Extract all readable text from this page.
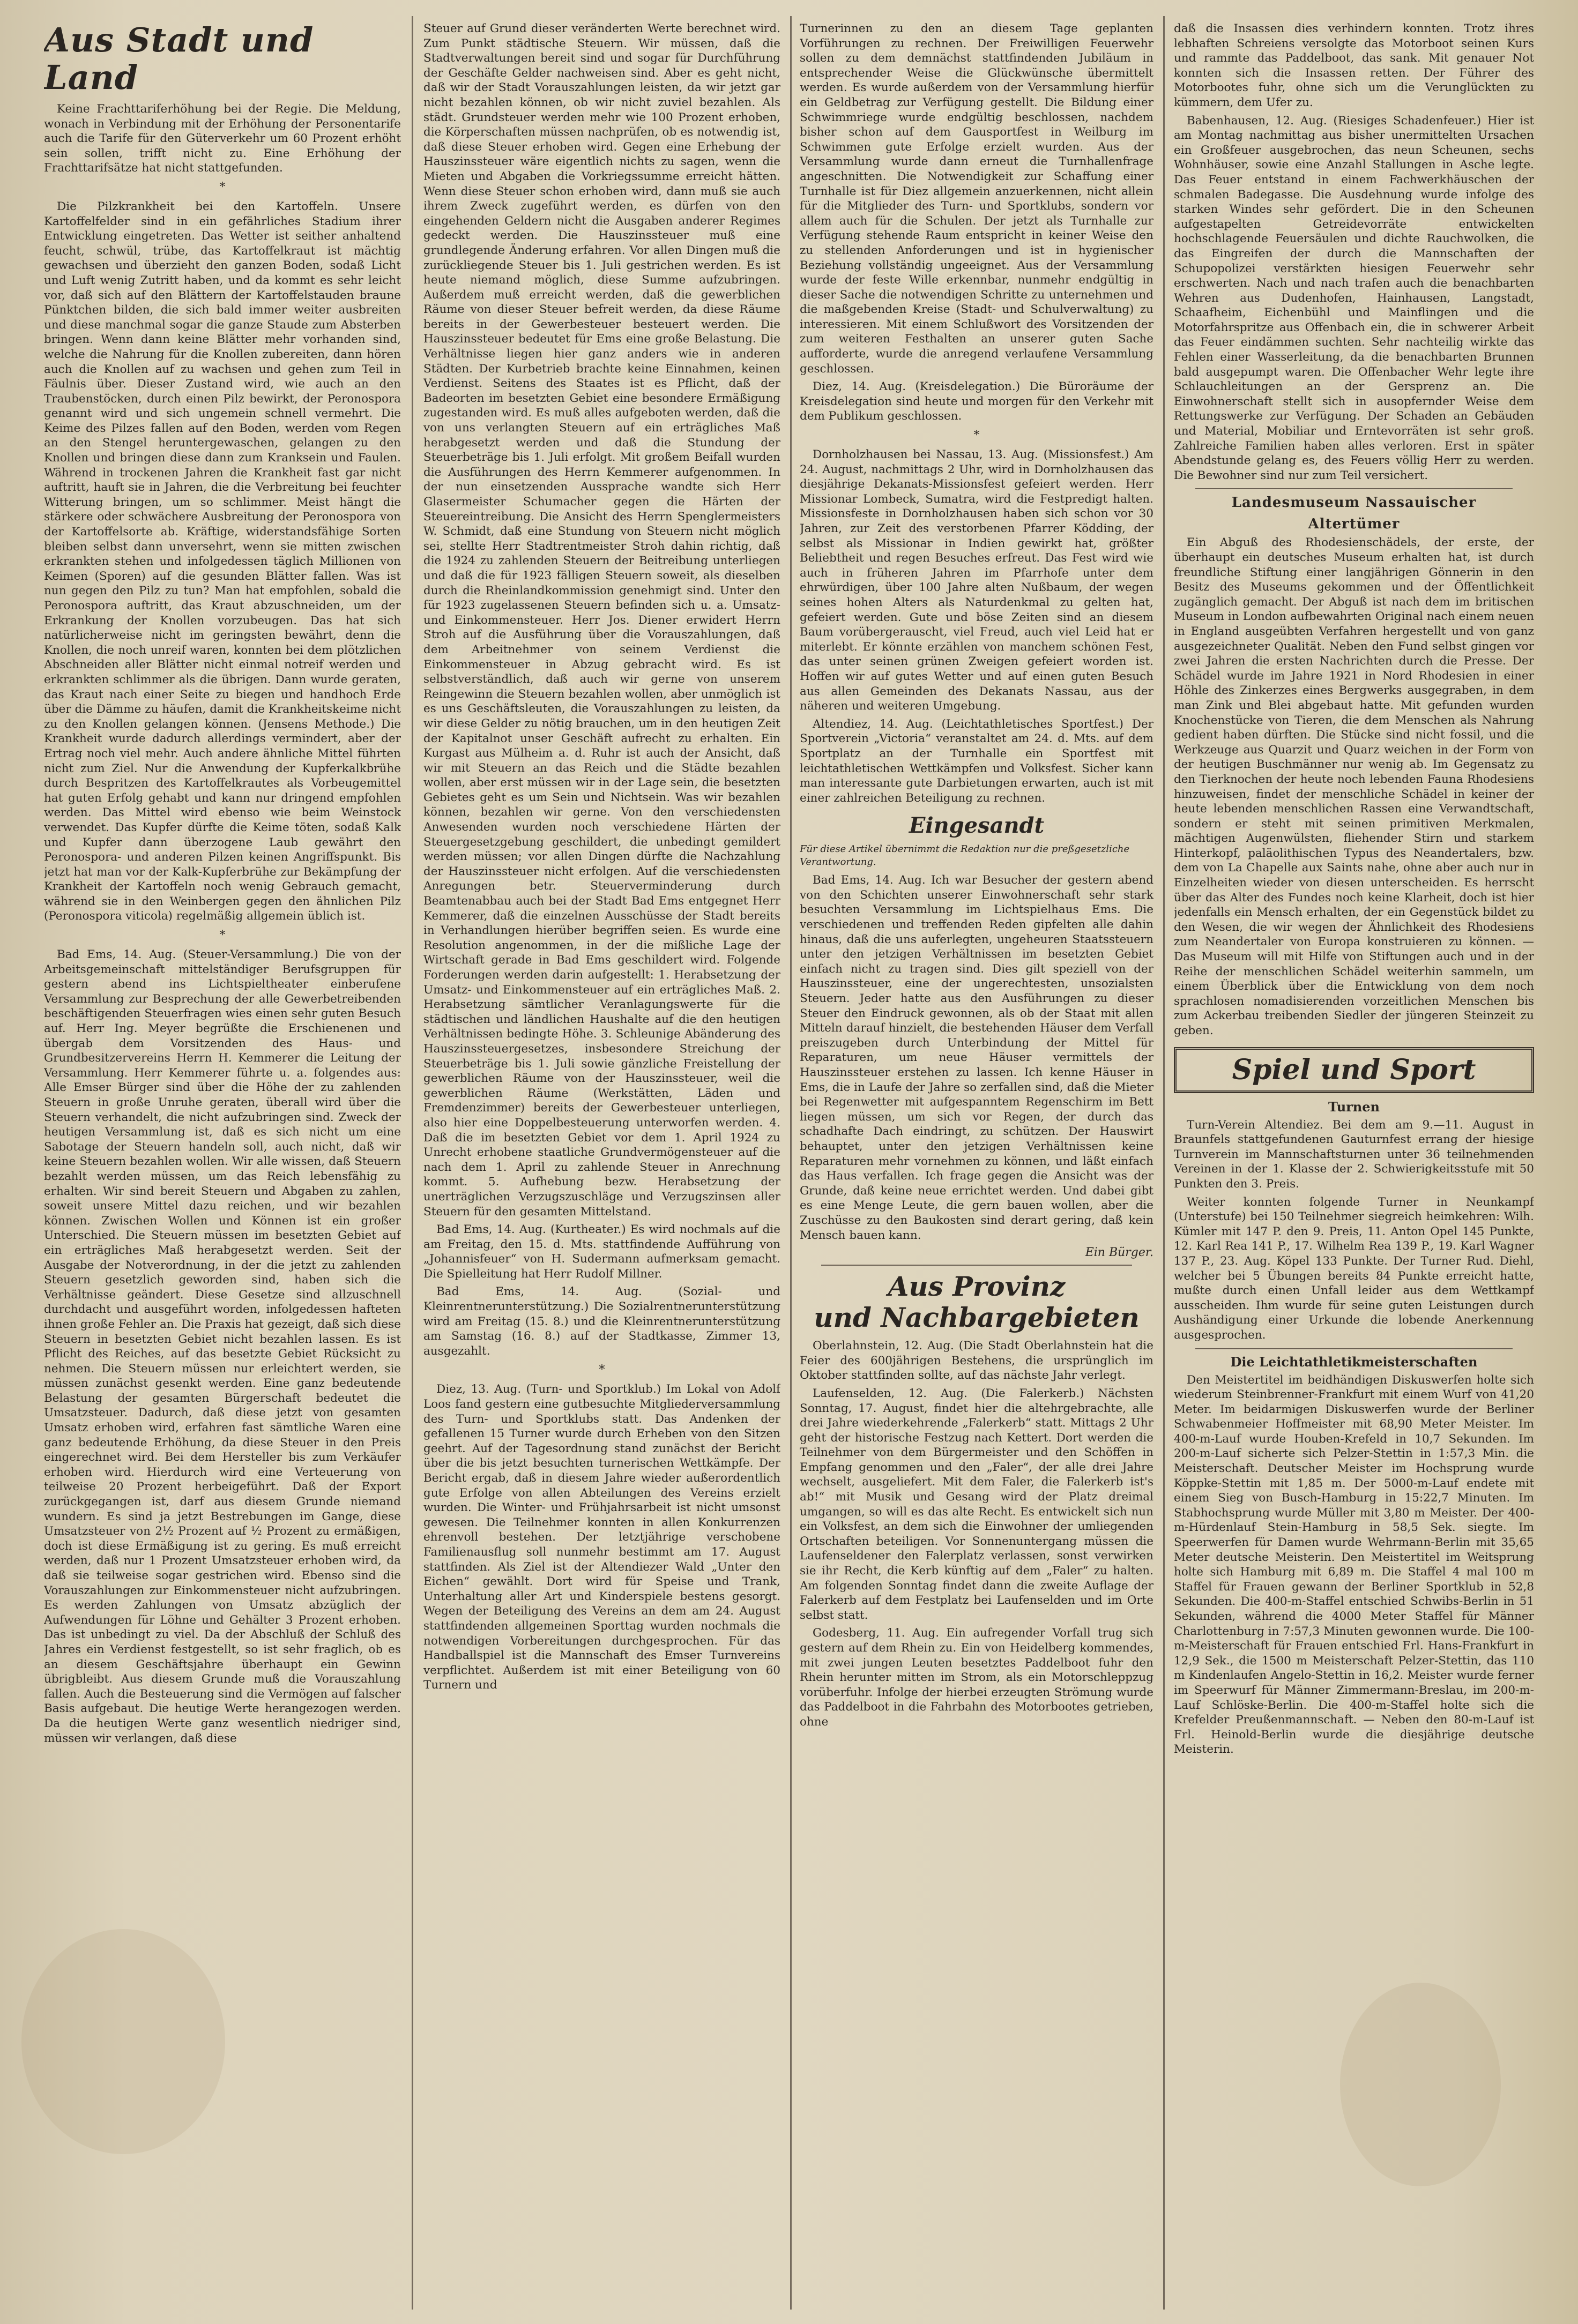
Aus Stadt und Land

Keine Frachttariferhöhung bei der Regie. Die Meldung, wonach in Verbindung mit der Erhöhung der Personentarife auch die Tarife für den Güterverkehr um 60 Prozent erhöht sein sollen, trifft nicht zu. Eine Erhöhung der Frachttarifsätze hat nicht stattgefunden.

*

Die Pilzkrankheit bei den Kartoffeln. Unsere Kartoffelfelder sind in ein gefährliches Stadium ihrer Entwicklung eingetreten. Das Wetter ist seither anhaltend feucht, schwül, trübe, das Kartoffelkraut ist mächtig gewachsen und überzieht den ganzen Boden, sodaß Licht und Luft wenig Zutritt haben, und da kommt es sehr leicht vor, daß sich auf den Blättern der Kartoffelstauden braune Pünktchen bilden, die sich bald immer weiter ausbreiten und diese manchmal sogar die ganze Staude zum Absterben bringen. Wenn dann keine Blätter mehr vorhanden sind, welche die Nahrung für die Knollen zubereiten, dann hören auch die Knollen auf zu wachsen und gehen zum Teil in Fäulnis über. Dieser Zustand wird, wie auch an den Traubenstöcken, durch einen Pilz bewirkt, der Peronospora genannt wird und sich ungemein schnell vermehrt. Die Keime des Pilzes fallen auf den Boden, werden vom Regen an den Stengel heruntergewaschen, gelangen zu den Knollen und bringen diese dann zum Kranksein und Faulen. Während in trockenen Jahren die Krankheit fast gar nicht auftritt, hauft sie in Jahren, die die Verbreitung bei feuchter Witterung bringen, um so schlimmer. Meist hängt die stärkere oder schwächere Ausbreitung der Peronospora von der Kartoffelsorte ab. Kräftige, widerstandsfähige Sorten bleiben selbst dann unversehrt, wenn sie mitten zwischen erkrankten stehen und infolgedessen täglich Millionen von Keimen (Sporen) auf die gesunden Blätter fallen. Was ist nun gegen den Pilz zu tun? Man hat empfohlen, sobald die Peronospora auftritt, das Kraut abzuschneiden, um der Erkrankung der Knollen vorzubeugen. Das hat sich natürlicherweise nicht im geringsten bewährt, denn die Knollen, die noch unreif waren, konnten bei dem plötzlichen Abschneiden aller Blätter nicht einmal notreif werden und erkrankten schlimmer als die übrigen. Dann wurde geraten, das Kraut nach einer Seite zu biegen und handhoch Erde über die Dämme zu häufen, damit die Krankheitskeime nicht zu den Knollen gelangen können. (Jensens Methode.) Die Krankheit wurde dadurch allerdings vermindert, aber der Ertrag noch viel mehr. Auch andere ähnliche Mittel führten nicht zum Ziel. Nur die Anwendung der Kupferkalkbrühe durch Bespritzen des Kartoffelkrautes als Vorbeugemittel hat guten Erfolg gehabt und kann nur dringend empfohlen werden. Das Mittel wird ebenso wie beim Weinstock verwendet. Das Kupfer dürfte die Keime töten, sodaß Kalk und Kupfer dann überzogene Laub gewährt den Peronospora- und anderen Pilzen keinen Angriffspunkt. Bis jetzt hat man vor der Kalk-Kupferbrühe zur Bekämpfung der Krankheit der Kartoffeln noch wenig Gebrauch gemacht, während sie in den Weinbergen gegen den ähnlichen Pilz (Peronospora viticola) regelmäßig allgemein üblich ist.

*

Bad Ems, 14. Aug. (Steuer-Versammlung.) Die von der Arbeitsgemeinschaft mittelständiger Berufsgruppen für gestern abend ins Lichtspieltheater einberufene Versammlung zur Besprechung der alle Gewerbetreibenden beschäftigenden Steuerfragen wies einen sehr guten Besuch auf. Herr Ing. Meyer begrüßte die Erschienenen und übergab dem Vorsitzenden des Haus- und Grundbesitzervereins Herrn H. Kemmerer die Leitung der Versammlung. Herr Kemmerer führte u. a. folgendes aus: Alle Emser Bürger sind über die Höhe der zu zahlenden Steuern in große Unruhe geraten, überall wird über die Steuern verhandelt, die nicht aufzubringen sind. Zweck der heutigen Versammlung ist, daß es sich nicht um eine Sabotage der Steuern handeln soll, auch nicht, daß wir keine Steuern bezahlen wollen. Wir alle wissen, daß Steuern bezahlt werden müssen, um das Reich lebensfähig zu erhalten. Wir sind bereit Steuern und Abgaben zu zahlen, soweit unsere Mittel dazu reichen, und wir bezahlen können. Zwischen Wollen und Können ist ein großer Unterschied. Die Steuern müssen im besetzten Gebiet auf ein erträgliches Maß herabgesetzt werden. Seit der Ausgabe der Notverordnung, in der die jetzt zu zahlenden Steuern gesetzlich geworden sind, haben sich die Verhältnisse geändert. Diese Gesetze sind allzuschnell durchdacht und ausgeführt worden, infolgedessen hafteten ihnen große Fehler an. Die Praxis hat gezeigt, daß sich diese Steuern in besetzten Gebiet nicht bezahlen lassen. Es ist Pflicht des Reiches, auf das besetzte Gebiet Rücksicht zu nehmen. Die Steuern müssen nur erleichtert werden, sie müssen zunächst gesenkt werden. Eine ganz bedeutende Belastung der gesamten Bürgerschaft bedeutet die Umsatzsteuer. Dadurch, daß diese jetzt von gesamten Umsatz erhoben wird, erfahren fast sämtliche Waren eine ganz bedeutende Erhöhung, da diese Steuer in den Preis eingerechnet wird. Bei dem Hersteller bis zum Verkäufer erhoben wird. Hierdurch wird eine Verteuerung von teilweise 20 Prozent herbeigeführt. Daß der Export zurückgegangen ist, darf aus diesem Grunde niemand wundern. Es sind ja jetzt Bestrebungen im Gange, diese Umsatzsteuer von 2½ Prozent auf ½ Prozent zu ermäßigen, doch ist diese Ermäßigung ist zu gering. Es muß erreicht werden, daß nur 1 Prozent Umsatzsteuer erhoben wird, da daß sie teilweise sogar gestrichen wird. Ebenso sind die Vorauszahlungen zur Einkommensteuer nicht aufzubringen. Es werden Zahlungen von Umsatz abzüglich der Aufwendungen für Löhne und Gehälter 3 Prozent erhoben. Das ist unbedingt zu viel. Da der Abschluß der Schluß des Jahres ein Verdienst festgestellt, so ist sehr fraglich, ob es an diesem Geschäftsjahre überhaupt ein Gewinn übrigbleibt. Aus diesem Grunde muß die Vorauszahlung fallen. Auch die Besteuerung sind die Vermögen auf falscher Basis aufgebaut. Die heutige Werte herangezogen werden. Da die heutigen Werte ganz wesentlich niedriger sind, müssen wir verlangen, daß diese

Steuer auf Grund dieser veränderten Werte berechnet wird. Zum Punkt städtische Steuern. Wir müssen, daß die Stadtverwaltungen bereit sind und sogar für Durchführung der Geschäfte Gelder nachweisen sind. Aber es geht nicht, daß wir der Stadt Vorauszahlungen leisten, da wir jetzt gar nicht bezahlen können, ob wir nicht zuviel bezahlen. Als städt. Grundsteuer werden mehr wie 100 Prozent erhoben, die Körperschaften müssen nachprüfen, ob es notwendig ist, daß diese Steuer erhoben wird. Gegen eine Erhebung der Hauszinssteuer wäre eigentlich nichts zu sagen, wenn die Mieten und Abgaben die Vorkriegssumme erreicht hätten. Wenn diese Steuer schon erhoben wird, dann muß sie auch ihrem Zweck zugeführt werden, es dürfen von den eingehenden Geldern nicht die Ausgaben anderer Regimes gedeckt werden. Die Hauszinssteuer muß eine grundlegende Änderung erfahren. Vor allen Dingen muß die zurückliegende Steuer bis 1. Juli gestrichen werden. Es ist heute niemand möglich, diese Summe aufzubringen. Außerdem muß erreicht werden, daß die gewerblichen Räume von dieser Steuer befreit werden, da diese Räume bereits in der Gewerbesteuer besteuert werden. Die Hauszinssteuer bedeutet für Ems eine große Belastung. Die Verhältnisse liegen hier ganz anders wie in anderen Städten. Der Kurbetrieb brachte keine Einnahmen, keinen Verdienst. Seitens des Staates ist es Pflicht, daß der Badeorten im besetzten Gebiet eine besondere Ermäßigung zugestanden wird. Es muß alles aufgeboten werden, daß die von uns verlangten Steuern auf ein erträgliches Maß herabgesetzt werden und daß die Stundung der Steuerbeträge bis 1. Juli erfolgt. Mit großem Beifall wurden die Ausführungen des Herrn Kemmerer aufgenommen. In der nun einsetzenden Aussprache wandte sich Herr Glasermeister Schumacher gegen die Härten der Steuereintreibung. Die Ansicht des Herrn Spenglermeisters W. Schmidt, daß eine Stundung von Steuern nicht möglich sei, stellte Herr Stadtrentmeister Stroh dahin richtig, daß die 1924 zu zahlenden Steuern der Beitreibung unterliegen und daß die für 1923 fälligen Steuern soweit, als dieselben durch die Rheinlandkommission genehmigt sind. Unter den für 1923 zugelassenen Steuern befinden sich u. a. Umsatz- und Einkommensteuer. Herr Jos. Diener erwidert Herrn Stroh auf die Ausführung über die Vorauszahlungen, daß dem Arbeitnehmer von seinem Verdienst die Einkommensteuer in Abzug gebracht wird. Es ist selbstverständlich, daß auch wir gerne von unserem Reingewinn die Steuern bezahlen wollen, aber unmöglich ist es uns Geschäftsleuten, die Vorauszahlungen zu leisten, da wir diese Gelder zu nötig brauchen, um in den heutigen Zeit der Kapitalnot unser Geschäft aufrecht zu erhalten. Ein Kurgast aus Mülheim a. d. Ruhr ist auch der Ansicht, daß wir mit Steuern an das Reich und die Städte bezahlen wollen, aber erst müssen wir in der Lage sein, die besetzten Gebietes geht es um Sein und Nichtsein. Was wir bezahlen können, bezahlen wir gerne. Von den verschiedensten Anwesenden wurden noch verschiedene Härten der Steuergesetzgebung geschildert, die unbedingt gemildert werden müssen; vor allen Dingen dürfte die Nachzahlung der Hauszinssteuer nicht erfolgen. Auf die verschiedensten Anregungen betr. Steuerverminderung durch Beamtenabbau auch bei der Stadt Bad Ems entgegnet Herr Kemmerer, daß die einzelnen Ausschüsse der Stadt bereits in Verhandlungen hierüber begriffen seien. Es wurde eine Resolution angenommen, in der die mißliche Lage der Wirtschaft gerade in Bad Ems geschildert wird. Folgende Forderungen werden darin aufgestellt: 1. Herabsetzung der Umsatz- und Einkommensteuer auf ein erträgliches Maß. 2. Herabsetzung sämtlicher Veranlagungswerte für die städtischen und ländlichen Haushalte auf die den heutigen Verhältnissen bedingte Höhe. 3. Schleunige Abänderung des Hauszinssteuergesetzes, insbesondere Streichung der Steuerbeträge bis 1. Juli sowie gänzliche Freistellung der gewerblichen Räume von der Hauszinssteuer, weil die gewerblichen Räume (Werkstätten, Läden und Fremdenzimmer) bereits der Gewerbesteuer unterliegen, also hier eine Doppelbesteuerung unterworfen werden. 4. Daß die im besetzten Gebiet vor dem 1. April 1924 zu Unrecht erhobene staatliche Grundvermögensteuer auf die nach dem 1. April zu zahlende Steuer in Anrechnung kommt. 5. Aufhebung bezw. Herabsetzung der unerträglichen Verzugszuschläge und Verzugszinsen aller Steuern für den gesamten Mittelstand.

Bad Ems, 14. Aug. (Kurtheater.) Es wird nochmals auf die am Freitag, den 15. d. Mts. stattfindende Aufführung von „Johannisfeuer“ von H. Sudermann aufmerksam gemacht. Die Spielleitung hat Herr Rudolf Millner.

Bad Ems, 14. Aug. (Sozial- und Kleinrentnerunterstützung.) Die Sozialrentnerunterstützung wird am Freitag (15. 8.) und die Kleinrentnerunterstützung am Samstag (16. 8.) auf der Stadtkasse, Zimmer 13, ausgezahlt.

*

Diez, 13. Aug. (Turn- und Sportklub.) Im Lokal von Adolf Loos fand gestern eine gutbesuchte Mitgliederversammlung des Turn- und Sportklubs statt. Das Andenken der gefallenen 15 Turner wurde durch Erheben von den Sitzen geehrt. Auf der Tagesordnung stand zunächst der Bericht über die bis jetzt besuchten turnerischen Wettkämpfe. Der Bericht ergab, daß in diesem Jahre wieder außerordentlich gute Erfolge von allen Abteilungen des Vereins erzielt wurden. Die Winter- und Frühjahrsarbeit ist nicht umsonst gewesen. Die Teilnehmer konnten in allen Konkurrenzen ehrenvoll bestehen. Der letztjährige verschobene Familienausflug soll nunmehr bestimmt am 17. August stattfinden. Als Ziel ist der Altendiezer Wald „Unter den Eichen“ gewählt. Dort wird für Speise und Trank, Unterhaltung aller Art und Kinderspiele bestens gesorgt. Wegen der Beteiligung des Vereins an dem am 24. August stattfindenden allgemeinen Sporttag wurden nochmals die notwendigen Vorbereitungen durchgesprochen. Für das Handballspiel ist die Mannschaft des Emser Turnvereins verpflichtet. Außerdem ist mit einer Beteiligung von 60 Turnern und

Turnerinnen zu den an diesem Tage geplanten Vorführungen zu rechnen. Der Freiwilligen Feuerwehr sollen zu dem demnächst stattfindenden Jubiläum in entsprechender Weise die Glückwünsche übermittelt werden. Es wurde außerdem von der Versammlung hierfür ein Geldbetrag zur Verfügung gestellt. Die Bildung einer Schwimmriege wurde endgültig beschlossen, nachdem bisher schon auf dem Gausportfest in Weilburg im Schwimmen gute Erfolge erzielt wurden. Aus der Versammlung wurde dann erneut die Turnhallenfrage angeschnitten. Die Notwendigkeit zur Schaffung einer Turnhalle ist für Diez allgemein anzuerkennen, nicht allein für die Mitglieder des Turn- und Sportklubs, sondern vor allem auch für die Schulen. Der jetzt als Turnhalle zur Verfügung stehende Raum entspricht in keiner Weise den zu stellenden Anforderungen und ist in hygienischer Beziehung vollständig ungeeignet. Aus der Versammlung wurde der feste Wille erkennbar, nunmehr endgültig in dieser Sache die notwendigen Schritte zu unternehmen und die maßgebenden Kreise (Stadt- und Schulverwaltung) zu interessieren. Mit einem Schlußwort des Vorsitzenden der zum weiteren Festhalten an unserer guten Sache aufforderte, wurde die anregend verlaufene Versammlung geschlossen.

Diez, 14. Aug. (Kreisdelegation.) Die Büroräume der Kreisdelegation sind heute und morgen für den Verkehr mit dem Publikum geschlossen.

*

Dornholzhausen bei Nassau, 13. Aug. (Missionsfest.) Am 24. August, nachmittags 2 Uhr, wird in Dornholzhausen das diesjährige Dekanats-Missionsfest gefeiert werden. Herr Missionar Lombeck, Sumatra, wird die Festpredigt halten. Missionsfeste in Dornholzhausen haben sich schon vor 30 Jahren, zur Zeit des verstorbenen Pfarrer Ködding, der selbst als Missionar in Indien gewirkt hat, größter Beliebtheit und regen Besuches erfreut. Das Fest wird wie auch in früheren Jahren im Pfarrhofe unter dem ehrwürdigen, über 100 Jahre alten Nußbaum, der wegen seines hohen Alters als Naturdenkmal zu gelten hat, gefeiert werden. Gute und böse Zeiten sind an diesem Baum vorübergerauscht, viel Freud, auch viel Leid hat er miterlebt. Er könnte erzählen von manchem schönen Fest, das unter seinen grünen Zweigen gefeiert worden ist. Hoffen wir auf gutes Wetter und auf einen guten Besuch aus allen Gemeinden des Dekanats Nassau, aus der näheren und weiteren Umgebung.

Altendiez, 14. Aug. (Leichtathletisches Sportfest.) Der Sportverein „Victoria“ veranstaltet am 24. d. Mts. auf dem Sportplatz an der Turnhalle ein Sportfest mit leichtathletischen Wettkämpfen und Volksfest. Sicher kann man interessante gute Darbietungen erwarten, auch ist mit einer zahlreichen Beteiligung zu rechnen.

Eingesandt
Für diese Artikel übernimmt die Redaktion nur die preßgesetzliche Verantwortung.

Bad Ems, 14. Aug. Ich war Besucher der gestern abend von den Schichten unserer Einwohnerschaft sehr stark besuchten Versammlung im Lichtspielhaus Ems. Die verschiedenen und treffenden Reden gipfelten alle dahin hinaus, daß die uns auferlegten, ungeheuren Staatssteuern unter den jetzigen Verhältnissen im besetzten Gebiet einfach nicht zu tragen sind. Dies gilt speziell von der Hauszinssteuer, eine der ungerechtesten, unsozialsten Steuern. Jeder hatte aus den Ausführungen zu dieser Steuer den Eindruck gewonnen, als ob der Staat mit allen Mitteln darauf hinzielt, die bestehenden Häuser dem Verfall preiszugeben durch Unterbindung der Mittel für Reparaturen, um neue Häuser vermittels der Hauszinssteuer erstehen zu lassen. Ich kenne Häuser in Ems, die in Laufe der Jahre so zerfallen sind, daß die Mieter bei Regenwetter mit aufgespanntem Regenschirm im Bett liegen müssen, um sich vor Regen, der durch das schadhafte Dach eindringt, zu schützen. Der Hauswirt behauptet, unter den jetzigen Verhältnissen keine Reparaturen mehr vornehmen zu können, und läßt einfach das Haus verfallen. Ich frage gegen die Ansicht was der Grunde, daß keine neue errichtet werden. Und dabei gibt es eine Menge Leute, die gern bauen wollen, aber die Zuschüsse zu den Baukosten sind derart gering, daß kein Mensch bauen kann.

Ein Bürger.
Aus Provinz
und Nachbargebieten

Oberlahnstein, 12. Aug. (Die Stadt Oberlahnstein hat die Feier des 600jährigen Bestehens, die ursprünglich im Oktober stattfinden sollte, auf das nächste Jahr verlegt.

Laufenselden, 12. Aug. (Die Falerkerb.) Nächsten Sonntag, 17. August, findet hier die altehrgebrachte, alle drei Jahre wiederkehrende „Falerkerb“ statt. Mittags 2 Uhr geht der historische Festzug nach Kettert. Dort werden die Teilnehmer von dem Bürgermeister und den Schöffen in Empfang genommen und den „Faler“, der alle drei Jahre wechselt, ausgeliefert. Mit dem Faler, die Falerkerb ist's ab!“ mit Musik und Gesang wird der Platz dreimal umgangen, so will es das alte Recht. Es entwickelt sich nun ein Volksfest, an dem sich die Einwohner der umliegenden Ortschaften beteiligen. Vor Sonnenuntergang müssen die Laufenseldener den Falerplatz verlassen, sonst verwirken sie ihr Recht, die Kerb künftig auf dem „Faler“ zu halten. Am folgenden Sonntag findet dann die zweite Auflage der Falerkerb auf dem Festplatz bei Laufenselden und im Orte selbst statt.

Godesberg, 11. Aug. Ein aufregender Vorfall trug sich gestern auf dem Rhein zu. Ein von Heidelberg kommendes, mit zwei jungen Leuten besetztes Paddelboot fuhr den Rhein herunter mitten im Strom, als ein Motorschleppzug vorüberfuhr. Infolge der hierbei erzeugten Strömung wurde das Paddelboot in die Fahrbahn des Motorbootes getrieben, ohne

daß die Insassen dies verhindern konnten. Trotz ihres lebhaften Schreiens versolgte das Motorboot seinen Kurs und rammte das Paddelboot, das sank. Mit genauer Not konnten sich die Insassen retten. Der Führer des Motorbootes fuhr, ohne sich um die Verunglückten zu kümmern, dem Ufer zu.

Babenhausen, 12. Aug. (Riesiges Schadenfeuer.) Hier ist am Montag nachmittag aus bisher unermittelten Ursachen ein Großfeuer ausgebrochen, das neun Scheunen, sechs Wohnhäuser, sowie eine Anzahl Stallungen in Asche legte. Das Feuer entstand in einem Fachwerkhäuschen der schmalen Badegasse. Die Ausdehnung wurde infolge des starken Windes sehr gefördert. Die in den Scheunen aufgestapelten Getreidevorräte entwickelten hochschlagende Feuersäulen und dichte Rauchwolken, die das Eingreifen der durch die Mannschaften der Schupopolizei verstärkten hiesigen Feuerwehr sehr erschwerten. Nach und nach trafen auch die benachbarten Wehren aus Dudenhofen, Hainhausen, Langstadt, Schaafheim, Eichenbühl und Mainflingen und die Motorfahrspritze aus Offenbach ein, die in schwerer Arbeit das Feuer eindämmen suchten. Sehr nachteilig wirkte das Fehlen einer Wasserleitung, da die benachbarten Brunnen bald ausgepumpt waren. Die Offenbacher Wehr legte ihre Schlauchleitungen an der Gersprenz an. Die Einwohnerschaft stellt sich in ausopfernder Weise dem Rettungswerke zur Verfügung. Der Schaden an Gebäuden und Material, Mobiliar und Erntevorräten ist sehr groß. Zahlreiche Familien haben alles verloren. Erst in später Abendstunde gelang es, des Feuers völlig Herr zu werden. Die Bewohner sind nur zum Teil versichert.

Landesmuseum Nassauischer
Altertümer

Ein Abguß des Rhodesienschädels, der erste, der überhaupt ein deutsches Museum erhalten hat, ist durch freundliche Stiftung einer langjährigen Gönnerin in den Besitz des Museums gekommen und der Öffentlichkeit zugänglich gemacht. Der Abguß ist nach dem im britischen Museum in London aufbewahrten Original nach einem neuen in England ausgeübten Verfahren hergestellt und von ganz ausgezeichneter Qualität. Neben den Fund selbst gingen vor zwei Jahren die ersten Nachrichten durch die Presse. Der Schädel wurde im Jahre 1921 in Nord Rhodesien in einer Höhle des Zinkerzes eines Bergwerks ausgegraben, in dem man Zink und Blei abgebaut hatte. Mit gefunden wurden Knochenstücke von Tieren, die dem Menschen als Nahrung gedient haben dürften. Die Stücke sind nicht fossil, und die Werkzeuge aus Quarzit und Quarz weichen in der Form von der heutigen Buschmänner nur wenig ab. Im Gegensatz zu den Tierknochen der heute noch lebenden Fauna Rhodesiens hinzuweisen, findet der menschliche Schädel in keiner der heute lebenden menschlichen Rassen eine Verwandtschaft, sondern er steht mit seinen primitiven Merkmalen, mächtigen Augenwülsten, fliehender Stirn und starkem Hinterkopf, paläolithischen Typus des Neandertalers, bzw. dem von La Chapelle aux Saints nahe, ohne aber auch nur in Einzelheiten wieder von diesen unterscheiden. Es herrscht über das Alter des Fundes noch keine Klarheit, doch ist hier jedenfalls ein Mensch erhalten, der ein Gegenstück bildet zu den Wesen, die wir wegen der Ähnlichkeit des Rhodesiens zum Neandertaler von Europa konstruieren zu können. — Das Museum will mit Hilfe von Stiftungen auch und in der Reihe der menschlichen Schädel weiterhin sammeln, um einem Überblick über die Entwicklung von dem noch sprachlosen nomadisierenden vorzeitlichen Menschen bis zum Ackerbau treibenden Siedler der jüngeren Steinzeit zu geben.

Spiel und Sport
Turnen

Turn-Verein Altendiez. Bei dem am 9.—11. August in Braunfels stattgefundenen Gauturnfest errang der hiesige Turnverein im Mannschaftsturnen unter 36 teilnehmenden Vereinen in der 1. Klasse der 2. Schwierigkeitsstufe mit 50 Punkten den 3. Preis.

Weiter konnten folgende Turner in Neunkampf (Unterstufe) bei 150 Teilnehmer siegreich heimkehren: Wilh. Kümler mit 147 P. den 9. Preis, 11. Anton Opel 145 Punkte, 12. Karl Rea 141 P., 17. Wilhelm Rea 139 P., 19. Karl Wagner 137 P., 23. Aug. Köpel 133 Punkte. Der Turner Rud. Diehl, welcher bei 5 Übungen bereits 84 Punkte erreicht hatte, mußte durch einen Unfall leider aus dem Wettkampf ausscheiden. Ihm wurde für seine guten Leistungen durch Aushändigung einer Urkunde die lobende Anerkennung ausgesprochen.

Die Leichtathletikmeisterschaften

Den Meistertitel im beidhändigen Diskuswerfen holte sich wiederum Steinbrenner-Frankfurt mit einem Wurf von 41,20 Meter. Im beidarmigen Diskuswerfen wurde der Berliner Schwabenmeier Hoffmeister mit 68,90 Meter Meister. Im 400-m-Lauf wurde Houben-Krefeld in 10,7 Sekunden. Im 200-m-Lauf sicherte sich Pelzer-Stettin in 1:57,3 Min. die Meisterschaft. Deutscher Meister im Hochsprung wurde Köppke-Stettin mit 1,85 m. Der 5000-m-Lauf endete mit einem Sieg von Busch-Hamburg in 15:22,7 Minuten. Im Stabhochsprung wurde Müller mit 3,80 m Meister. Der 400-m-Hürdenlauf Stein-Hamburg in 58,5 Sek. siegte. Im Speerwerfen für Damen wurde Wehrmann-Berlin mit 35,65 Meter deutsche Meisterin. Den Meistertitel im Weitsprung holte sich Hamburg mit 6,89 m. Die Staffel 4 mal 100 m Staffel für Frauen gewann der Berliner Sportklub in 52,8 Sekunden. Die 400-m-Staffel entschied Schwibs-Berlin in 51 Sekunden, während die 4000 Meter Staffel für Männer Charlottenburg in 7:57,3 Minuten gewonnen wurde. Die 100-m-Meisterschaft für Frauen entschied Frl. Hans-Frankfurt in 12,9 Sek., die 1500 m Meisterschaft Pelzer-Stettin, das 110 m Kindenlaufen Angelo-Stettin in 16,2. Meister wurde ferner im Speerwurf für Männer Zimmermann-Breslau, im 200-m-Lauf Schlöske-Berlin. Die 400-m-Staffel holte sich die Krefelder Preußenmannschaft. — Neben den 80-m-Lauf ist Frl. Heinold-Berlin wurde die diesjährige deutsche Meisterin.
